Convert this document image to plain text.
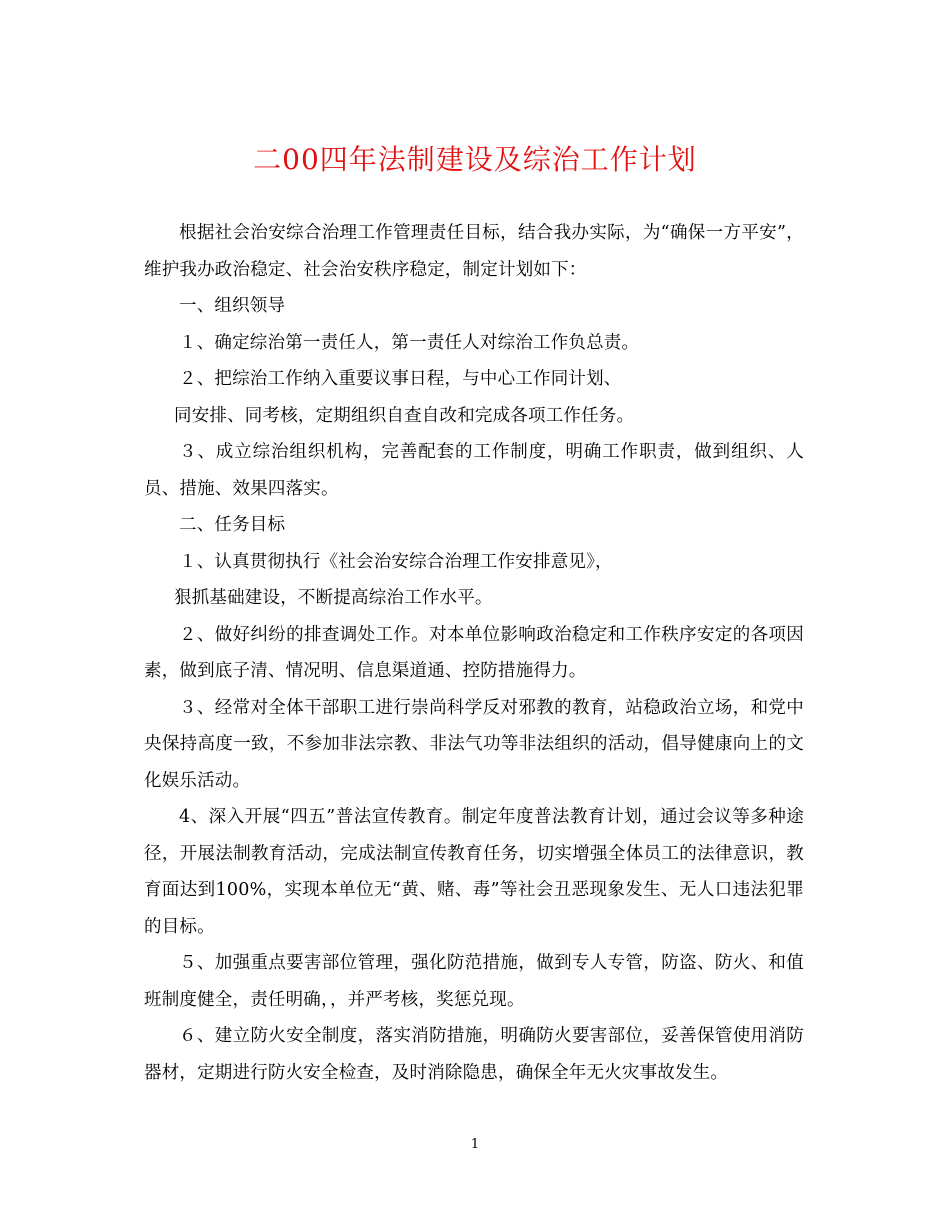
二00四年法制建设及综治工作计划

根据社会治安综合治理工作管理责任目标，结合我办实际，为“确保一方平安”，维护我办政治稳定、社会治安秩序稳定，制定计划如下：

一、组织领导

１、确定综治第一责任人，第一责任人对综治工作负总责。

２、把综治工作纳入重要议事日程，与中心工作同计划、

同安排、同考核，定期组织自查自改和完成各项工作任务。

３、成立综治组织机构，完善配套的工作制度，明确工作职责，做到组织、人员、措施、效果四落实。

二、任务目标

１、认真贯彻执行《社会治安综合治理工作安排意见》，

狠抓基础建设，不断提高综治工作水平。

２、做好纠纷的排查调处工作。对本单位影响政治稳定和工作秩序安定的各项因素，做到底子清、情况明、信息渠道通、控防措施得力。

３、经常对全体干部职工进行崇尚科学反对邪教的教育，站稳政治立场，和党中央保持高度一致，不参加非法宗教、非法气功等非法组织的活动，倡导健康向上的文化娱乐活动。

4、深入开展“四五”普法宣传教育。制定年度普法教育计划，通过会议等多种途径，开展法制教育活动，完成法制宣传教育任务，切实增强全体员工的法律意识，教育面达到100%，实现本单位无“黄、赌、毒”等社会丑恶现象发生、无人口违法犯罪的目标。

５、加强重点要害部位管理，强化防范措施，做到专人专管，防盗、防火、和值班制度健全，责任明确，，并严考核，奖惩兑现。

６、建立防火安全制度，落实消防措施，明确防火要害部位，妥善保管使用消防器材，定期进行防火安全检查，及时消除隐患，确保全年无火灾事故发生。

1
